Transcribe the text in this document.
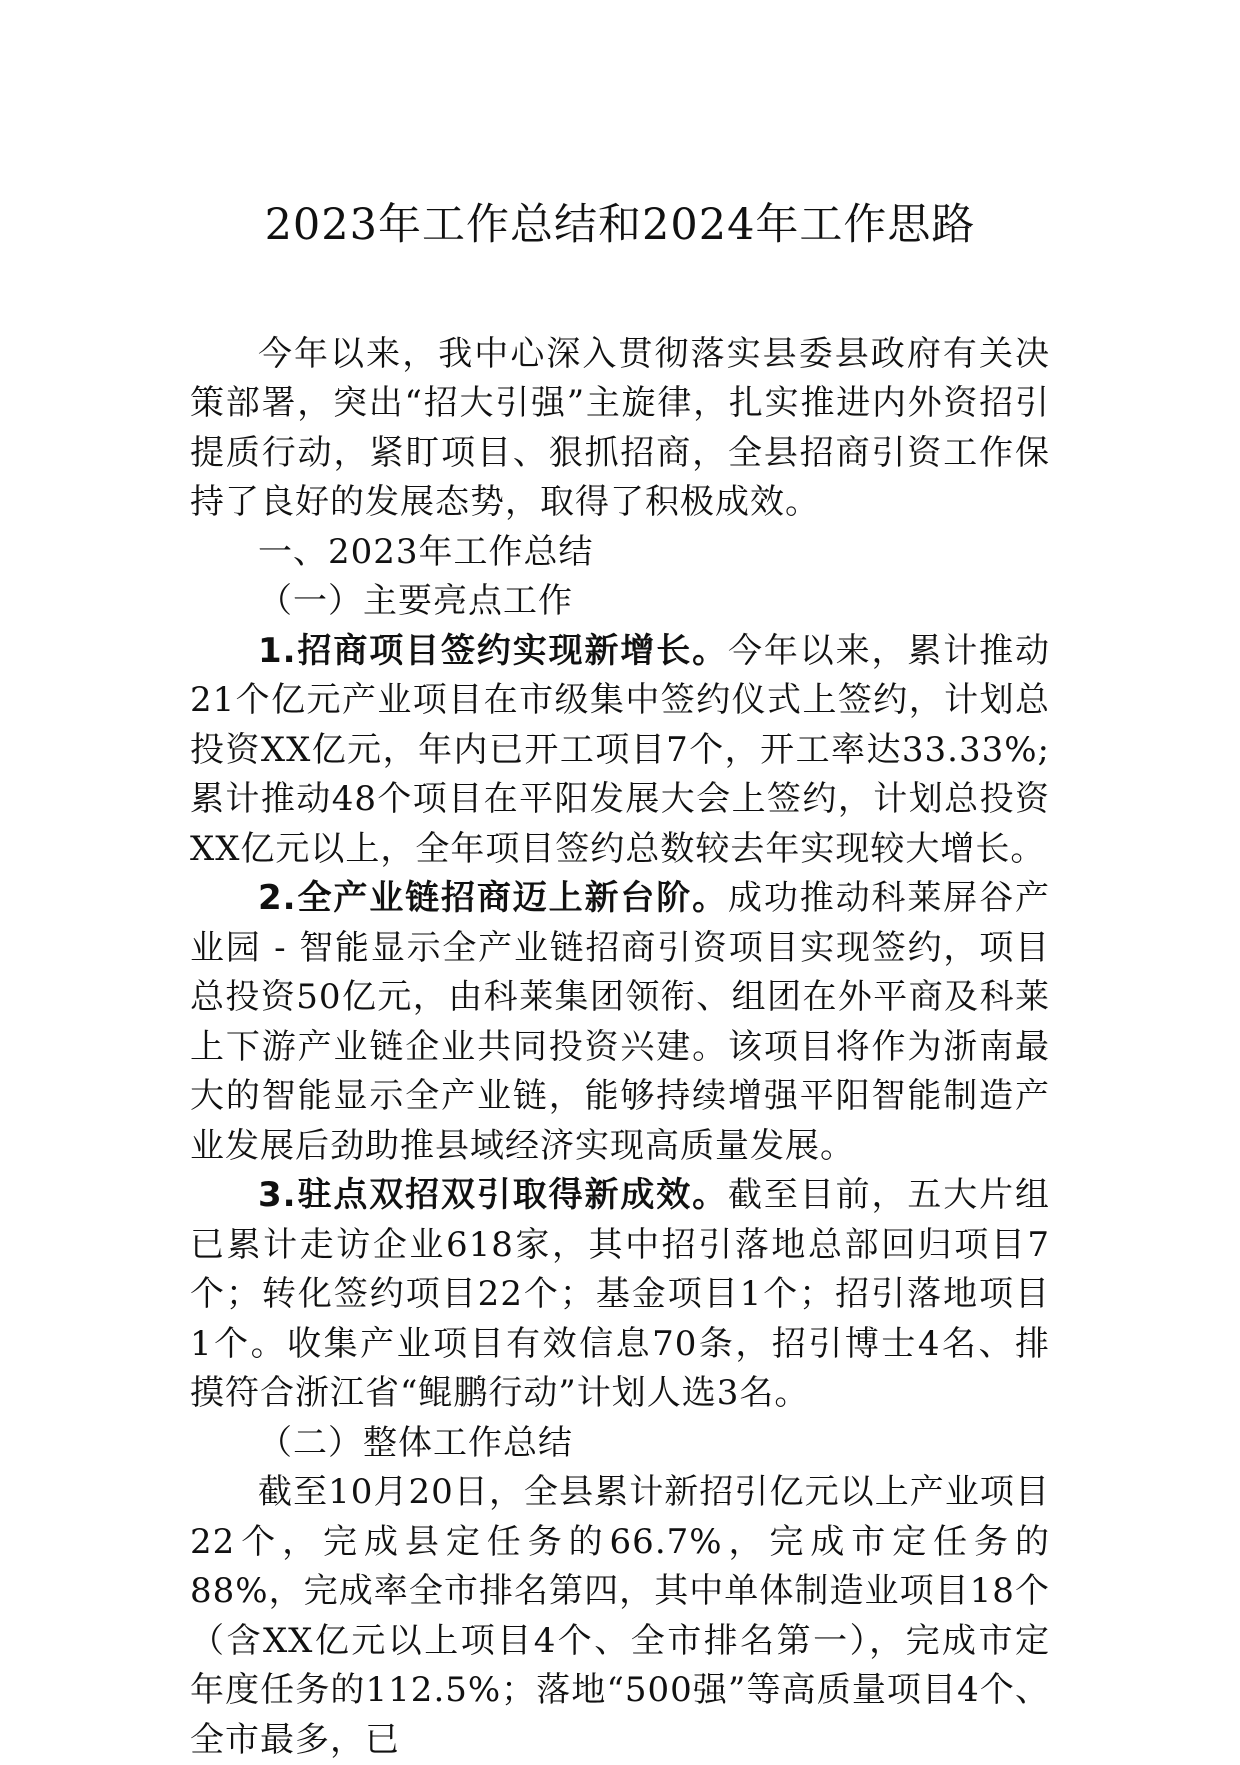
2023年工作总结和2024年工作思路

今年以来，我中心深入贯彻落实县委县政府有关决策部署，突出“招大引强”主旋律，扎实推进内外资招引提质行动，紧盯项目、狠抓招商，全县招商引资工作保持了良好的发展态势，取得了积极成效。

一、2023年工作总结

（一）主要亮点工作

1.招商项目签约实现新增长。今年以来，累计推动21个亿元产业项目在市级集中签约仪式上签约，计划总投资XX亿元，年内已开工项目7个，开工率达33.33%;累计推动48个项目在平阳发展大会上签约，计划总投资XX亿元以上，全年项目签约总数较去年实现较大增长。

2.全产业链招商迈上新台阶。成功推动科莱屏谷产业园 - 智能显示全产业链招商引资项目实现签约，项目总投资50亿元，由科莱集团领衔、组团在外平商及科莱上下游产业链企业共同投资兴建。该项目将作为浙南最大的智能显示全产业链，能够持续增强平阳智能制造产业发展后劲助推县域经济实现高质量发展。

3.驻点双招双引取得新成效。截至目前，五大片组已累计走访企业618家，其中招引落地总部回归项目7个；转化签约项目22个；基金项目1个；招引落地项目1个。收集产业项目有效信息70条，招引博士4名、排摸符合浙江省“鲲鹏行动”计划人选3名。

（二）整体工作总结

截至10月20日，全县累计新招引亿元以上产业项目22个，完成县定任务的66.7%，完成市定任务的88%，完成率全市排名第四，其中单体制造业项目18个（含XX亿元以上项目4个、全市排名第一），完成市定年度任务的112.5%；落地“500强”等高质量项目4个、全市最多，已
